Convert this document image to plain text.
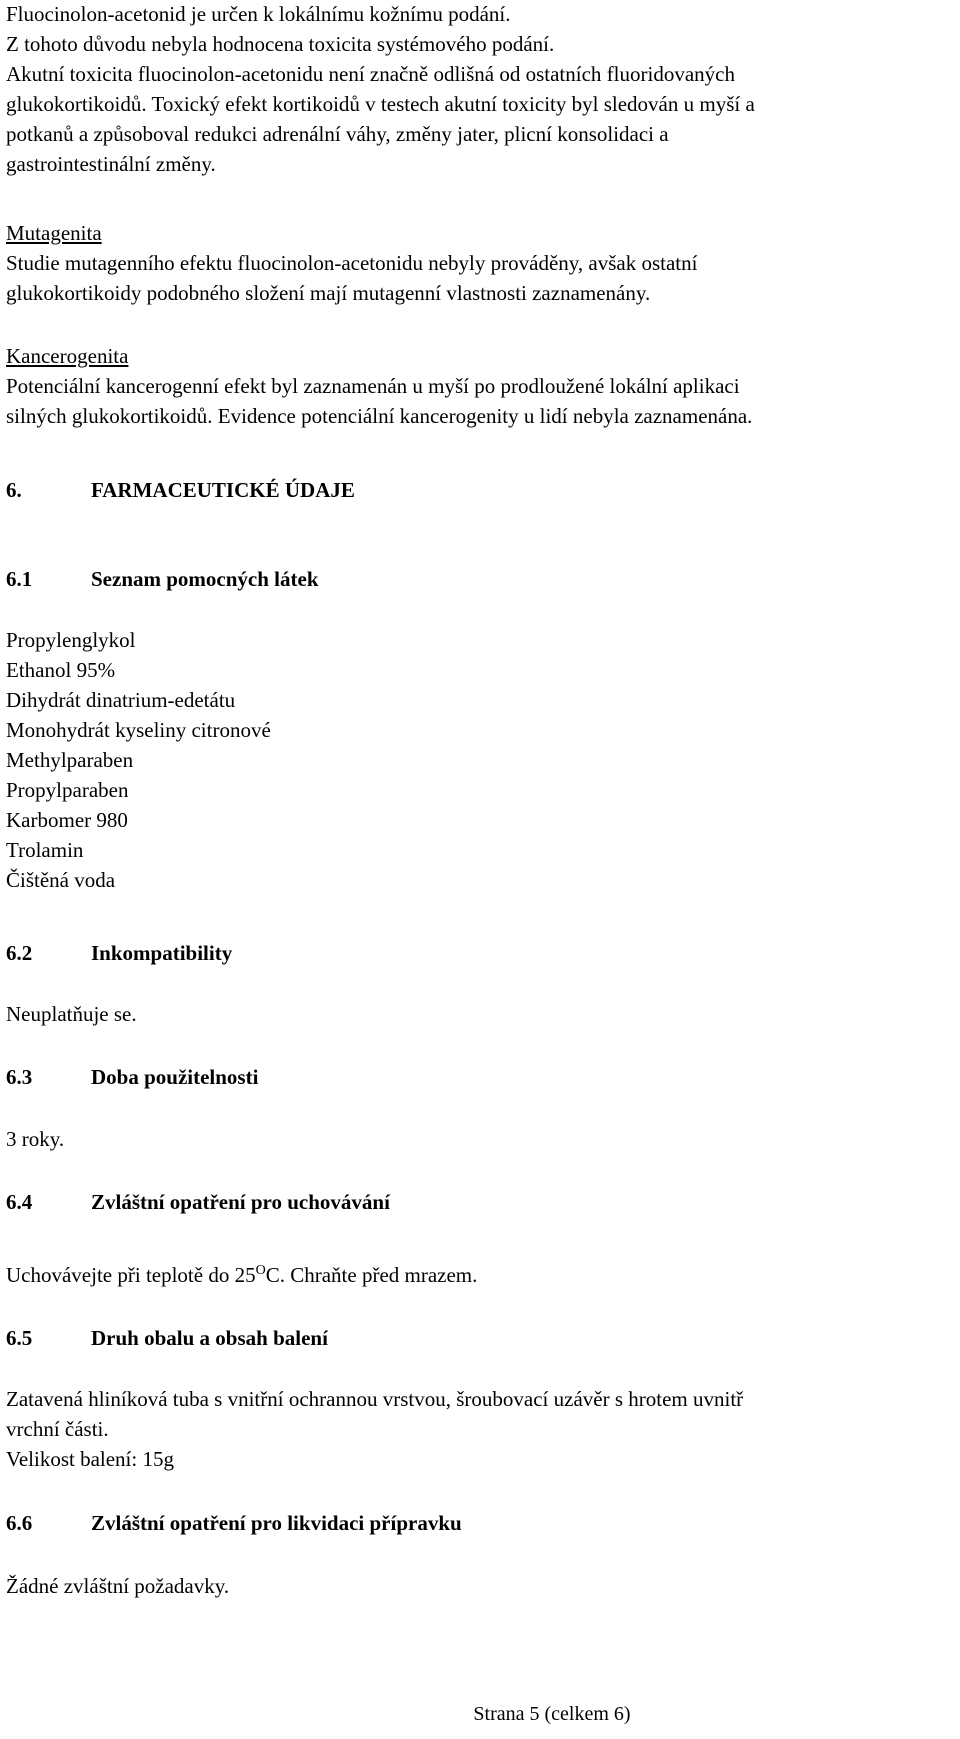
Fluocinolon-acetonid je určen k lokálnímu kožnímu podání.

Z tohoto důvodu nebyla hodnocena toxicita systémového podání.

Akutní toxicita fluocinolon-acetonidu není značně odlišná od ostatních fluoridovaných

glukokortikoidů. Toxický efekt kortikoidů v testech akutní toxicity byl sledován u myší a

potkanů a způsoboval redukci adrenální váhy, změny jater, plicní konsolidaci a

gastrointestinální změny.

Mutagenita

Studie mutagenního efektu fluocinolon-acetonidu nebyly prováděny, avšak ostatní

glukokortikoidy podobného složení mají mutagenní vlastnosti zaznamenány.

Kancerogenita

Potenciální kancerogenní efekt byl zaznamenán u myší po prodloužené lokální aplikaci

silných glukokortikoidů. Evidence potenciální kancerogenity u lidí nebyla zaznamenána.

6.	FARMACEUTICKÉ ÚDAJE

6.1	Seznam pomocných látek

Propylenglykol

Ethanol 95%

Dihydrát dinatrium-edetátu

Monohydrát kyseliny citronové

Methylparaben

Propylparaben

Karbomer 980

Trolamin

Čištěná voda

6.2	Inkompatibility

Neuplatňuje se.

6.3	Doba použitelnosti

3 roky.

6.4	Zvláštní opatření pro uchovávání

Uchovávejte při teplotě do $25^OC$. Chraňte před mrazem.

6.5	Druh obalu a obsah balení

Zatavená hliníková tuba s vnitřní ochrannou vrstvou, šroubovací uzávěr s hrotem uvnitř

vrchní části.

Velikost balení: 15g

6.6	Zvláštní opatření pro likvidaci přípravku

Žádné zvláštní požadavky.

Strana 5 (celkem 6)
